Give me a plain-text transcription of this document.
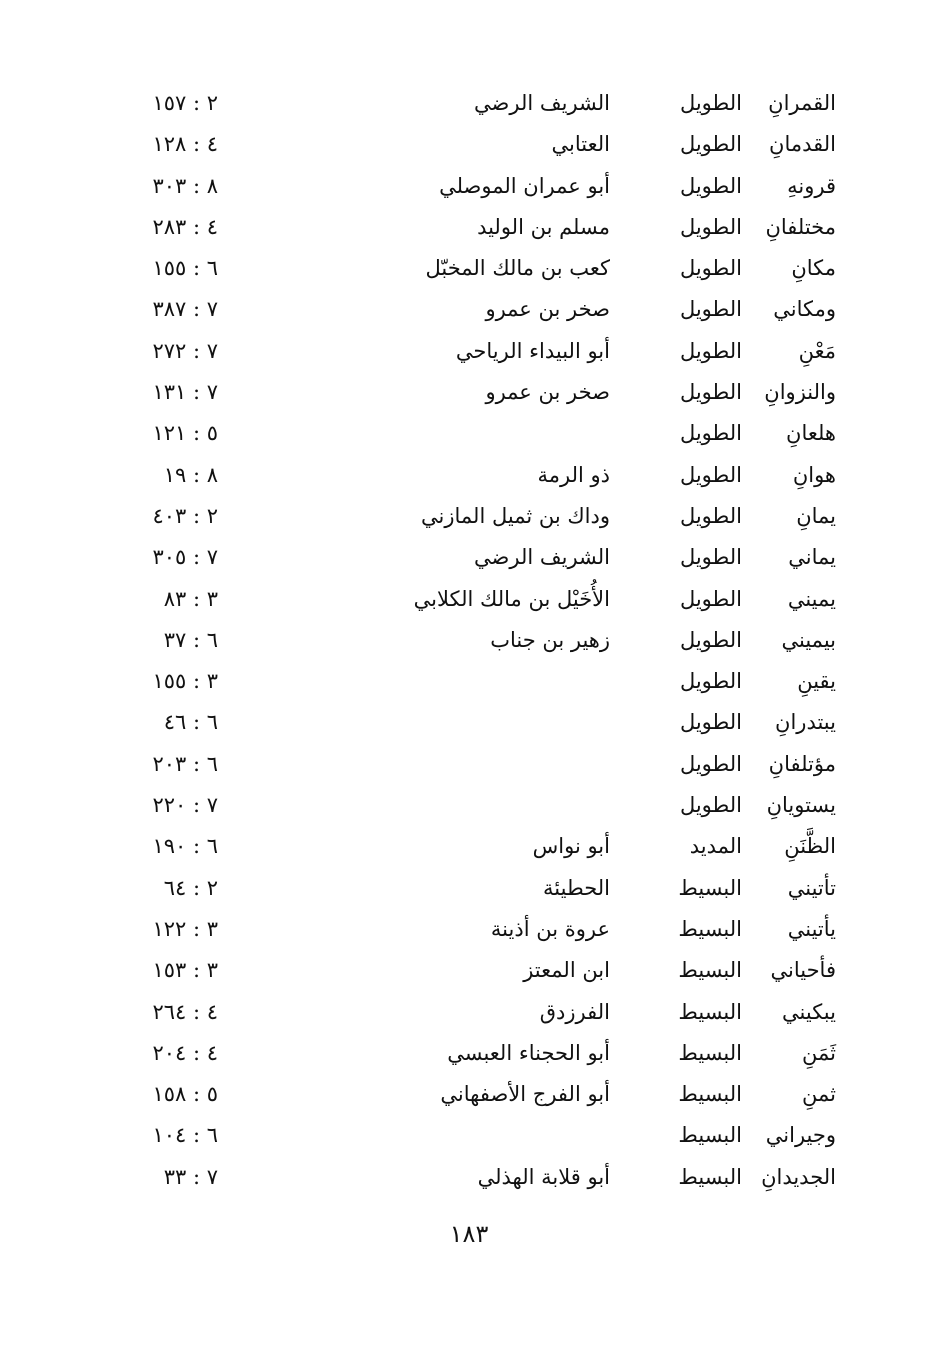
القمرانِ
الطويل
الشريف الرضي
٢ : ١٥٧
القدمانِ
الطويل
العتابي
٤ : ١٢٨
قرونهِ
الطويل
أبو عمران الموصلي
٨ : ٣٠٣
مختلفانِ
الطويل
مسلم بن الوليد
٤ : ٢٨٣
مكانِ
الطويل
كعب بن مالك المخبّل
٦ : ١٥٥
ومكاني
الطويل
صخر بن عمرو
٧ : ٣٨٧
مَعْنِ
الطويل
أبو البيداء الرياحي
٧ : ٢٧٢
والنزوانِ
الطويل
صخر بن عمرو
٧ : ١٣١
هلعانِ
الطويل
٥ : ١٢١
هوانِ
الطويل
ذو الرمة
٨ : ١٩
يمانِ
الطويل
وداك بن ثميل المازني
٢ : ٤٠٣
يماني
الطويل
الشريف الرضي
٧ : ٣٠٥
يميني
الطويل
الأُخَيْل بن مالك الكلابي
٣ : ٨٣
بيميني
الطويل
زهير بن جناب
٦ : ٣٧
يقينِ
الطويل
٣ : ١٥٥
يبتدرانِ
الطويل
٦ : ٤٦
مؤتلفانِ
الطويل
٦ : ٢٠٣
يستويانِ
الطويل
٧ : ٢٢٠
الظَّنَنِ
المديد
أبو نواس
٦ : ١٩٠
تأتيني
البسيط
الحطيئة
٢ : ٦٤
يأتيني
البسيط
عروة بن أذينة
٣ : ١٢٢
فأحياني
البسيط
ابن المعتز
٣ : ١٥٣
يبكيني
البسيط
الفرزدق
٤ : ٢٦٤
ثَمَنِ
البسيط
أبو الحجناء العبسي
٤ : ٢٠٤
ثمنِ
البسيط
أبو الفرج الأصفهاني
٥ : ١٥٨
وجيراني
البسيط
٦ : ١٠٤
الجديدانِ
البسيط
أبو قلابة الهذلي
٧ : ٣٣
١٨٣
